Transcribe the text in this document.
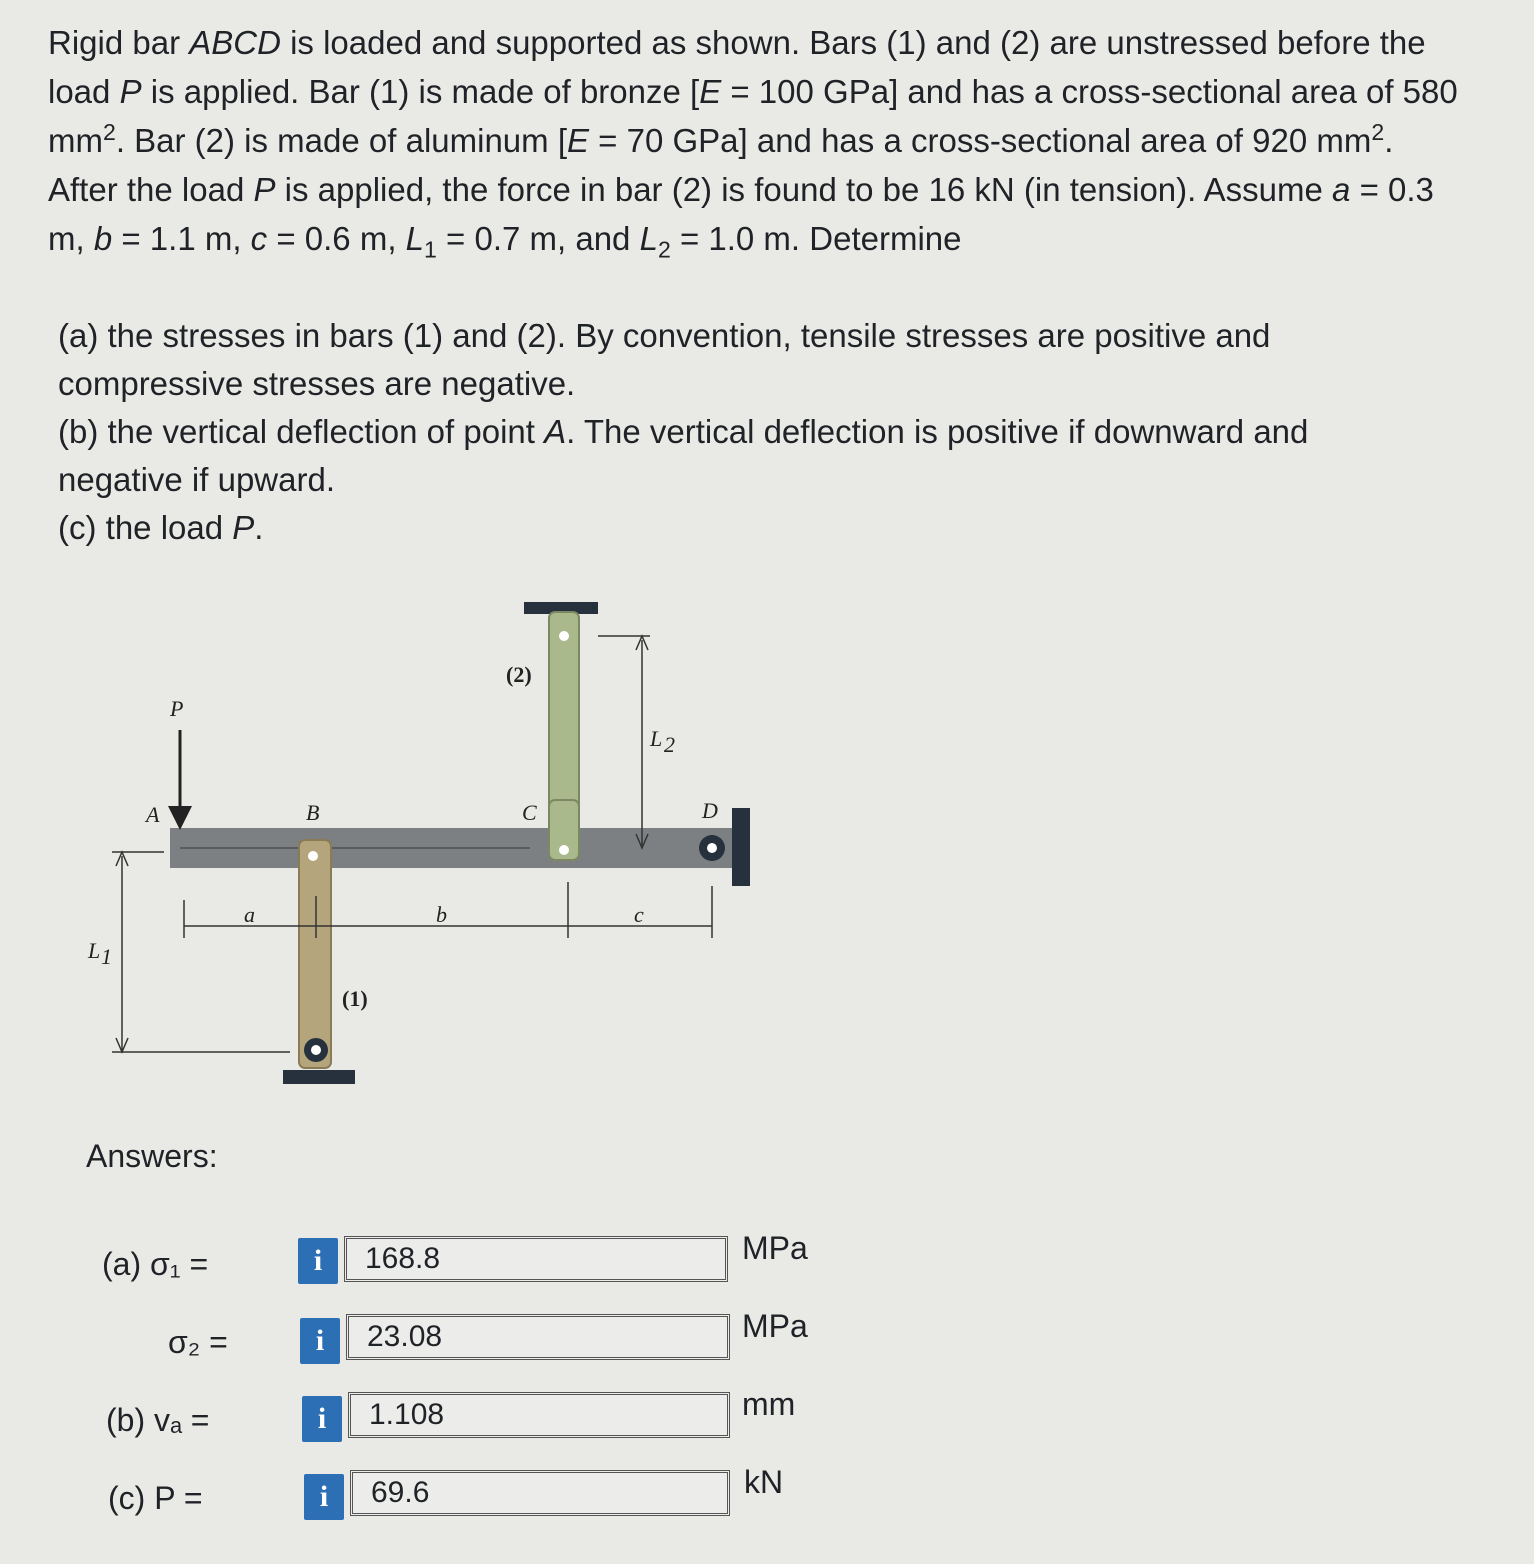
Rigid bar ABCD is loaded and supported as shown. Bars (1) and (2) are unstressed before the

load P is applied. Bar (1) is made of bronze [E = 100 GPa] and has a cross-sectional area of 580

$mm^2$. Bar (2) is made of aluminum [E = 70 GPa] and has a cross-sectional area of 920 $mm^2$.

After the load P is applied, the force in bar (2) is found to be 16 kN (in tension). Assume a = 0.3

m, b = 1.1 m, c = 0.6 m, $L_1 = 0.7$ m, and $L_2 = 1.0$ m. Determine

(a) the stresses in bars (1) and (2). By convention, tensile stresses are positive and

compressive stresses are negative.

(b) the vertical deflection of point A. The vertical deflection is positive if downward and

negative if upward.

(c) the load P.

P
A	B	C	D
a	b	c
L 1
L 2
(1)
(2)
Answers:
(a) σ₁ =	i	168.8	MPa
σ₂ =	i	23.08	MPa
(b) vₐ =	i	1.108	mm
(c) P =	i	69.6	kN
